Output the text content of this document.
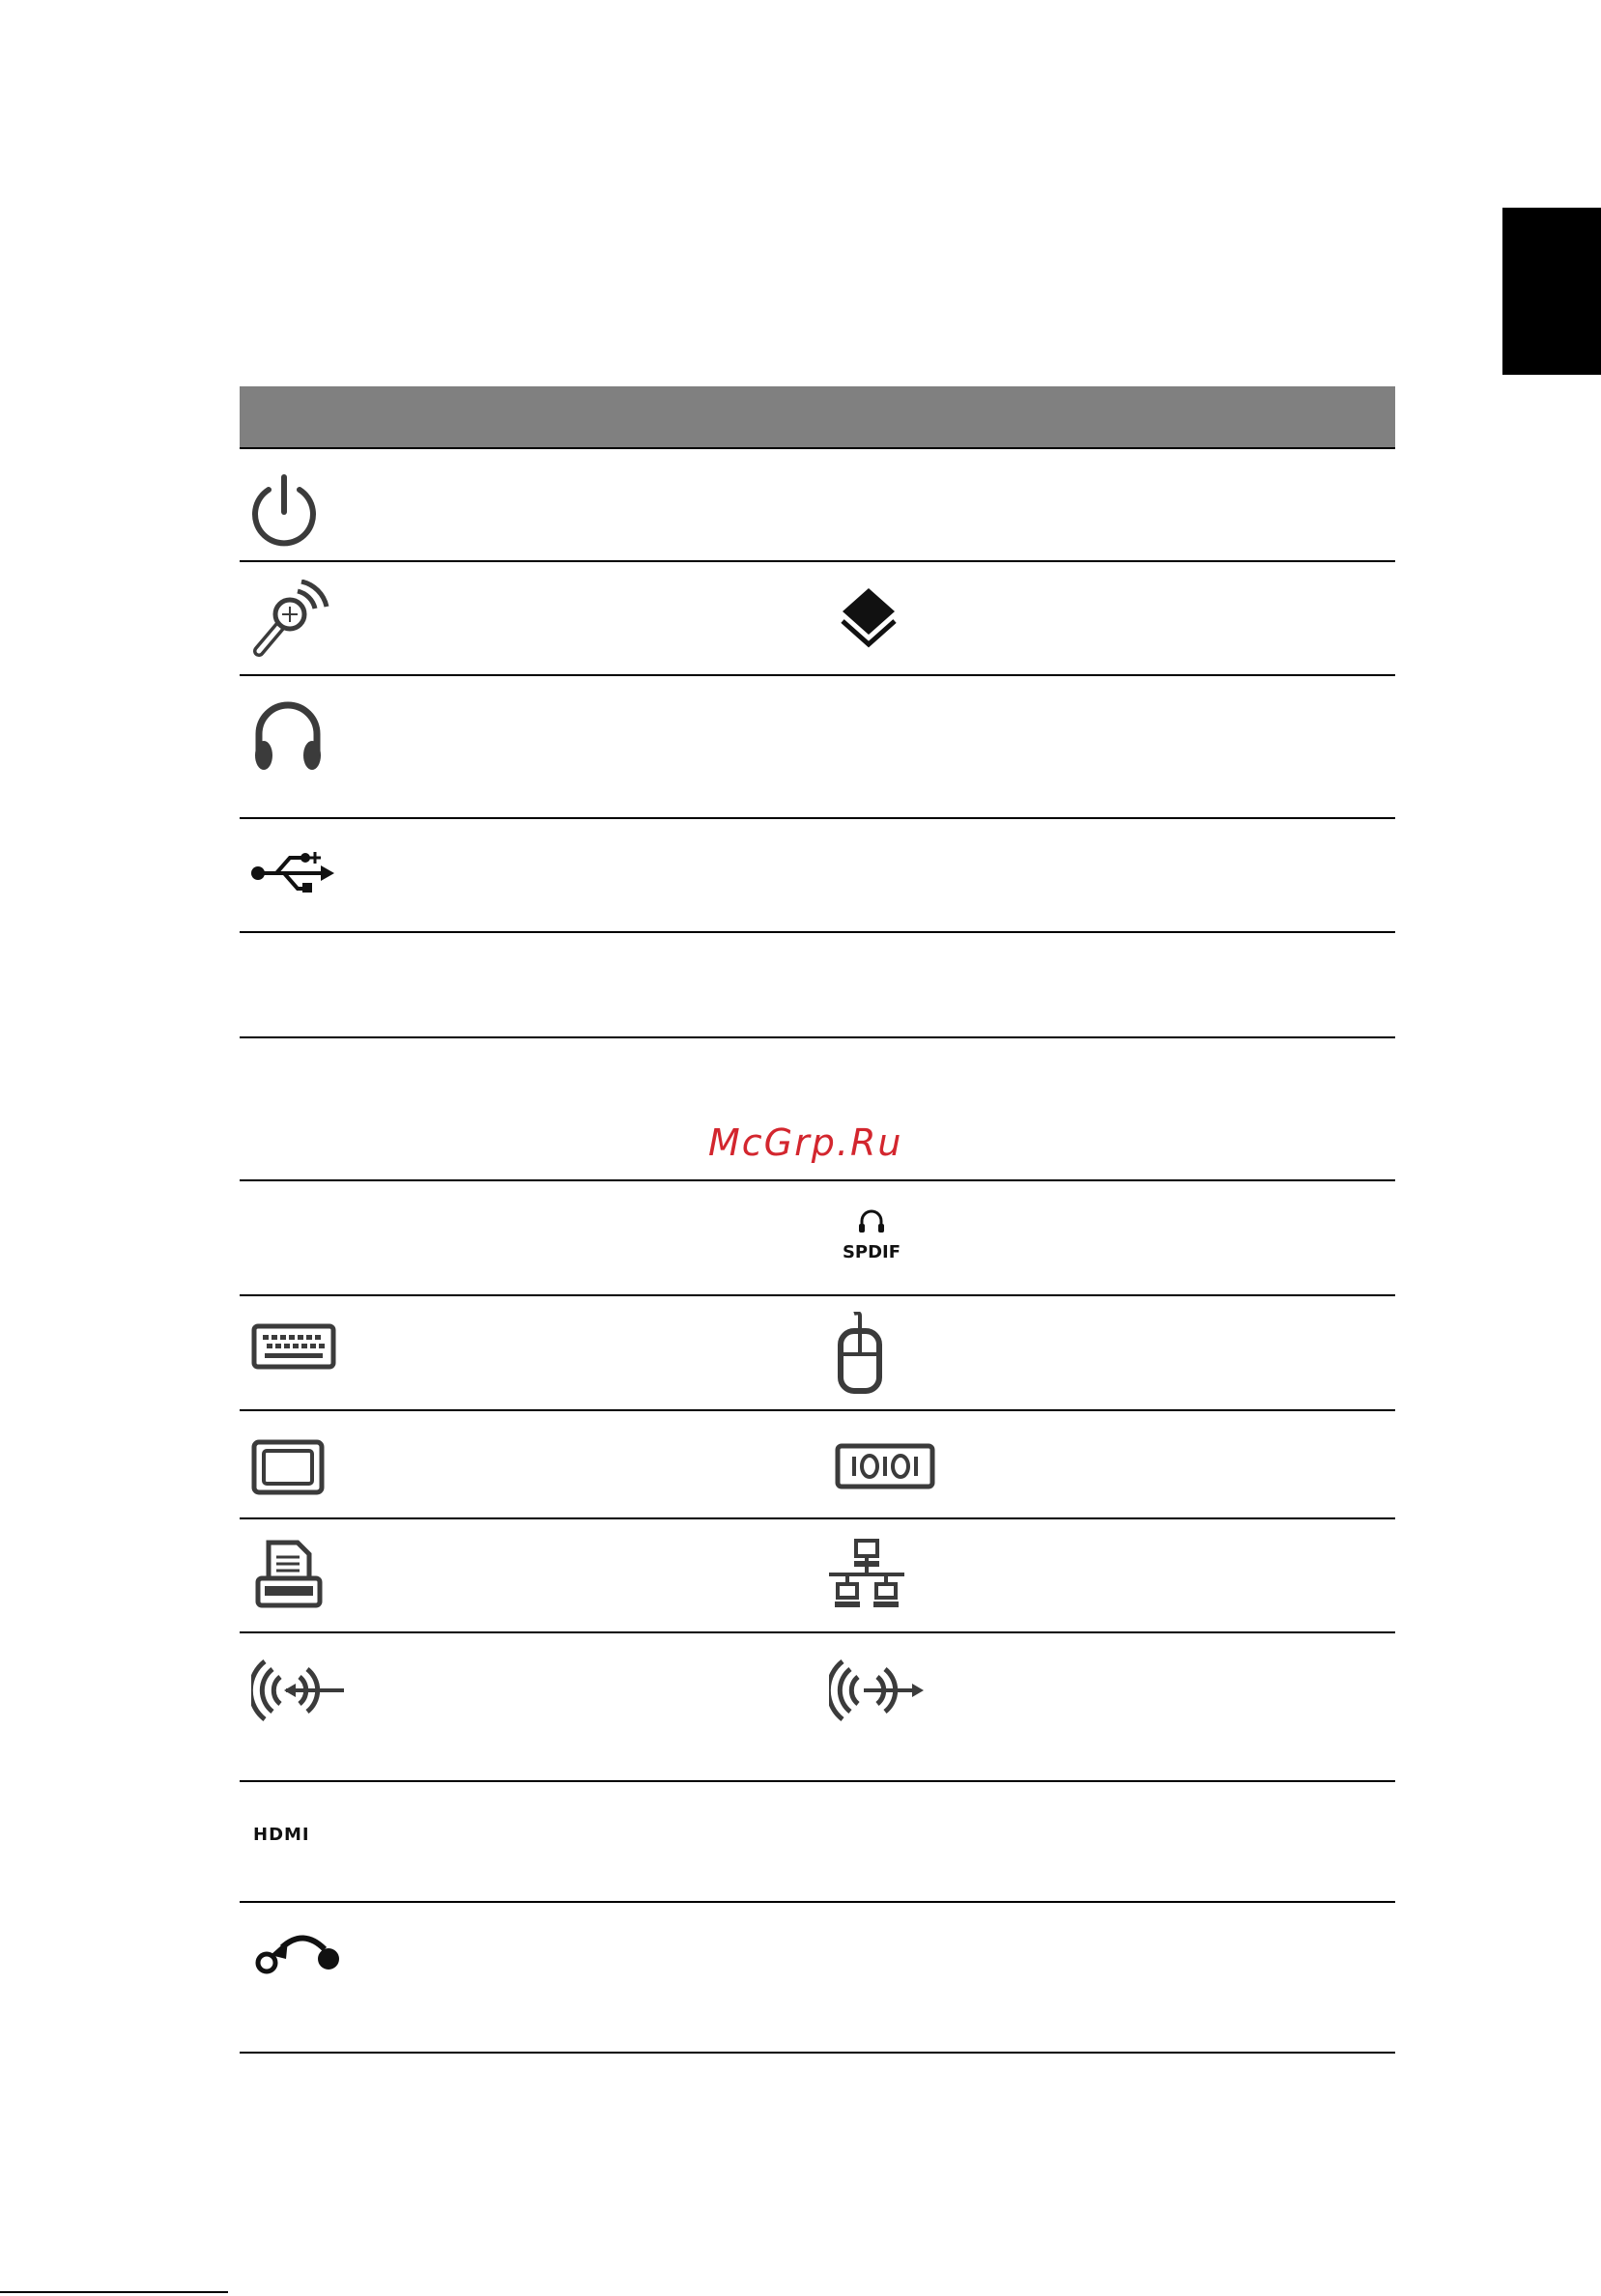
McGrp.Ru
SPDIF
HDMI
